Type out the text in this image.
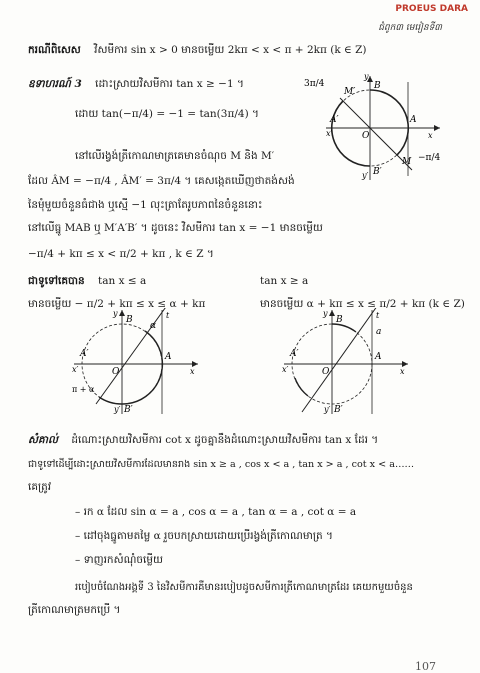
PROEUS DARA
ជំពូក៣ មេរៀនទី៣
ករណីពិសេស វិសមីការ sin x > 0 មានចម្លើយ 2kπ < x < π + 2kπ (k ∈ Z)
ឧទាហរណ៍ 3 ដោះស្រាយវិសមីការ tan x ≥ −1 ។
ដោយ tan(−π/4) = −1 = tan(3π/4) ។
នៅលើរង្វង់ត្រីកោណមាត្រគេមានចំណុច M និង M′
ដែល ÂM = −π/4 , ÂM′ = 3π/4 ។ គេសង្កេតឃើញថាតង់សង់
នៃមុំមួយចំនួនធំជាង ឬស្មើ −1 លុះត្រាតែរូបភាពនៃចំនួននោះ
នៅលើធ្នូ MAB ឬ M′A′B′ ។ ដូចនេះ វិសមីការ tan x = −1 មានចម្លើយ
−π/4 + kπ ≤ x < π/2 + kπ , k ∈ Z ។
3π/4
M′
B
y
A′
x′	O
A
x
y′ B′
M −π/4
ជាទូទៅគេបាន tan x ≤ a	tan x ≥ a
មានចម្លើយ − π/2 + kπ ≤ x ≤ α + kπ	មានចម្លើយ α + kπ ≤ x ≤ π/2 + kπ (k ∈ Z)
y
B	t
α
A′
x′	O
A
x
π + α
B′
y′
y
B	t
a
A′
x′	O
A
x
B′
y′
សំគាល់ ដំណោះស្រាយវិសមីការ cot x ដូចគ្នានឹងដំណោះស្រាយវិសមីការ tan x ដែរ ។
ជាទូទៅដើម្បីដោះស្រាយវិសមីការដែលមានរាង sin x ≥ a , cos x < a , tan x > a , cot x < a……
គេត្រូវ
– រក α ដែល sin α = a , cos α = a , tan α = a , cot α = a
– ដៅចុងធ្នូតាមតម្លៃ α រួចបកស្រាយដោយប្រើរង្វង់ត្រីកោណមាត្រ ។
– ទាញរកសំណុំចម្លើយ
របៀបចំណែងអង្គទី 3 នៃវិសមីការគឺមានរបៀបដូចសមីការត្រីកោណមាត្រដែរ គេយកមួយចំនួន
ត្រីកោណមាត្រមកប្រើ ។
107
